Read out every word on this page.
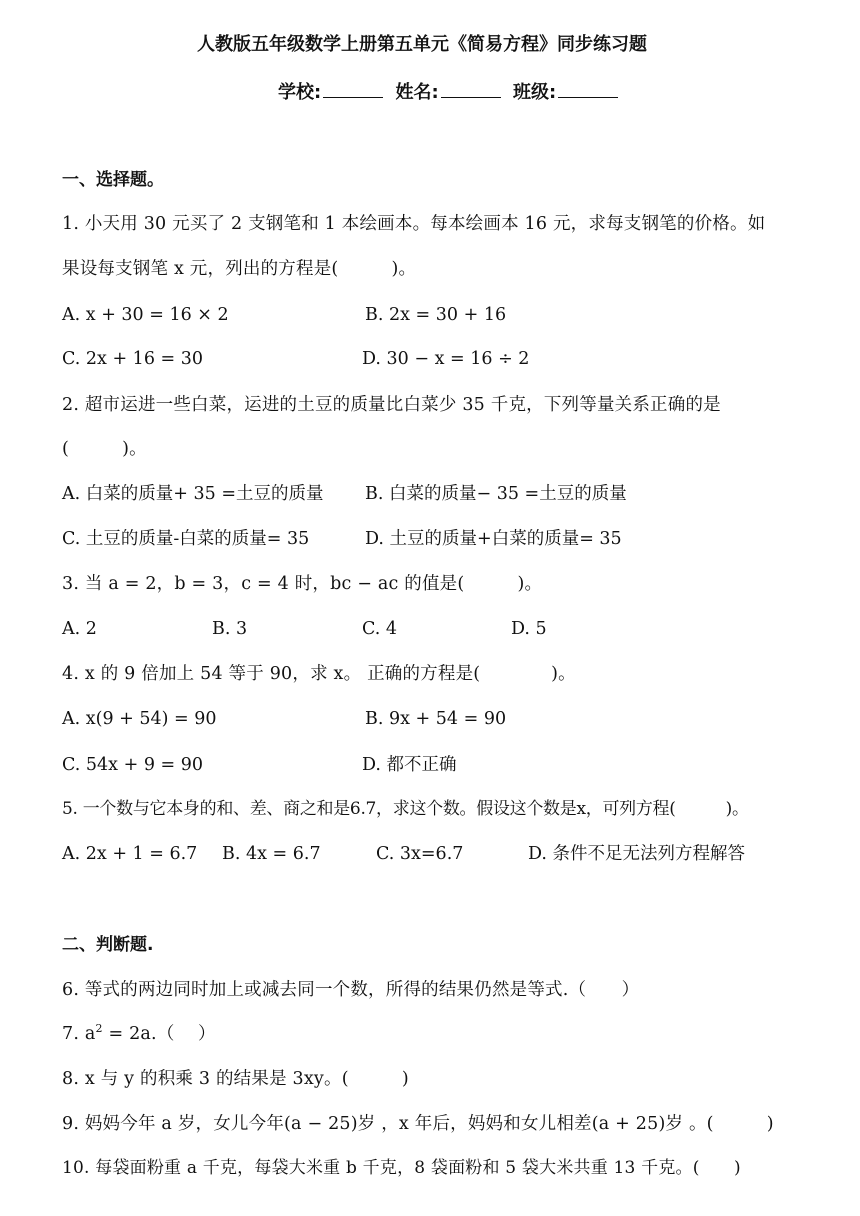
人教版五年级数学上册第五单元《简易方程》同步练习题
学校:	姓名:	班级:
一、选择题。
1. 小天用 30 元买了 2 支钢笔和 1 本绘画本。每本绘画本 16 元，求每支钢笔的价格。如
果设每支钢笔 x 元，列出的方程是(　　　)。
A. x + 30 = 16 × 2	B. 2x = 30 + 16
C. 2x + 16 = 30	D. 30 − x = 16 ÷ 2
2. 超市运进一些白菜，运进的土豆的质量比白菜少 35 千克，下列等量关系正确的是
(　　　)。
A. 白菜的质量+ 35 =土豆的质量 B. 白菜的质量− 35 =土豆的质量
C. 土豆的质量-白菜的质量= 35	D. 土豆的质量+白菜的质量= 35
3. 当 a = 2，b = 3，c = 4 时，bc − ac 的值是(　　　)。
A. 2	B. 3	C. 4	D. 5
4. x 的 9 倍加上 54 等于 90，求 x。 正确的方程是(　　　　)。
A. x(9 + 54) = 90	B. 9x + 54 = 90
C. 54x + 9 = 90	D. 都不正确
5. 一个数与它本身的和、差、商之和是6.7，求这个数。假设这个数是x，可列方程(　　　)。
A. 2x + 1 = 6.7 B. 4x = 6.7	C. 3x=6.7	D. 条件不足无法列方程解答
二、判断题.
6. 等式的两边同时加上或减去同一个数，所得的结果仍然是等式.（　　）
7. $a^2 = 2a$.（　 ）
8. x 与 y 的积乘 3 的结果是 3xy。(　　　)
9. 妈妈今年 a 岁，女儿今年(a − 25)岁 ，x 年后，妈妈和女儿相差(a + 25)岁 。(　　　)
10. 每袋面粉重 a 千克，每袋大米重 b 千克，8 袋面粉和 5 袋大米共重 13 千克。(　　)
